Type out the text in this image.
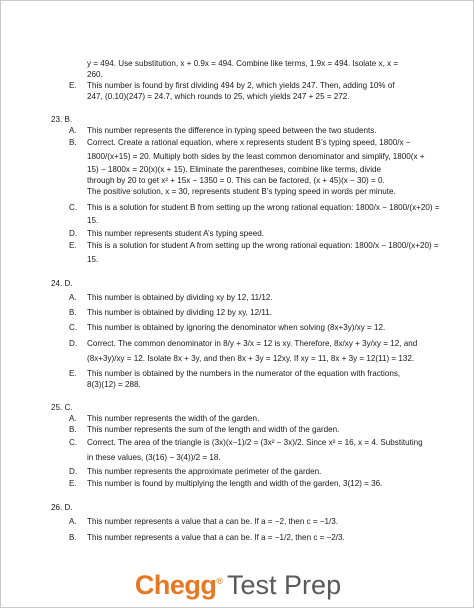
y = 494. Use substitution, x + 0.9x = 494. Combine like terms, 1.9x = 494. Isolate x, x =
260.
E. This number is found by first dividing 494 by 2, which yields 247. Then, adding 10% of
247, (0.10)(247) = 24.7, which rounds to 25, which yields 247 + 25 = 272.
23. B.
A. This number represents the difference in typing speed between the two students.
B. Correct. Create a rational equation, where x represents student B’s typing speed, 1800/x −
1800/(x+15) = 20. Multiply both sides by the least common denominator and simplify, 1800(x +
15) − 1800x = 20(x)(x + 15). Eliminate the parentheses, combine like terms, divide
through by 20 to get x² + 15x − 1350 = 0. This can be factored, (x + 45)(x − 30) = 0.
The positive solution, x = 30, represents student B’s typing speed in words per minute.
C. This is a solution for student B from setting up the wrong rational equation: 1800/x − 1800/(x+20) =
15.
D. This number represents student A’s typing speed.
E. This is a solution for student A from setting up the wrong rational equation: 1800/x − 1800/(x+20) =
15.
24. D.
A. This number is obtained by dividing xy by 12, 11/12.
B. This number is obtained by dividing 12 by xy, 12/11.
C. This number is obtained by ignoring the denominator when solving (8x+3y)/xy = 12.
D. Correct. The common denominator in 8/y + 3/x = 12 is xy. Therefore, 8x/xy + 3y/xy = 12, and
(8x+3y)/xy = 12. Isolate 8x + 3y, and then 8x + 3y = 12xy. If xy = 11, 8x + 3y = 12(11) = 132.
E. This number is obtained by the numbers in the numerator of the equation with fractions,
8(3)(12) = 288.
25. C.
A. This number represents the width of the garden.
B. This number represents the sum of the length and width of the garden.
C. Correct. The area of the triangle is (3x)(x−1)/2 = (3x² − 3x)/2. Since x² = 16, x = 4. Substituting
in these values, (3(16) − 3(4))/2 = 18.
D. This number represents the approximate perimeter of the garden.
E. This number is found by multiplying the length and width of the garden, 3(12) = 36.
26. D.
A. This number represents a value that a can be. If a = −2, then c = −1/3.
B. This number represents a value that a can be. If a = −1/2, then c = −2/3.
Chegg® Test Prep
